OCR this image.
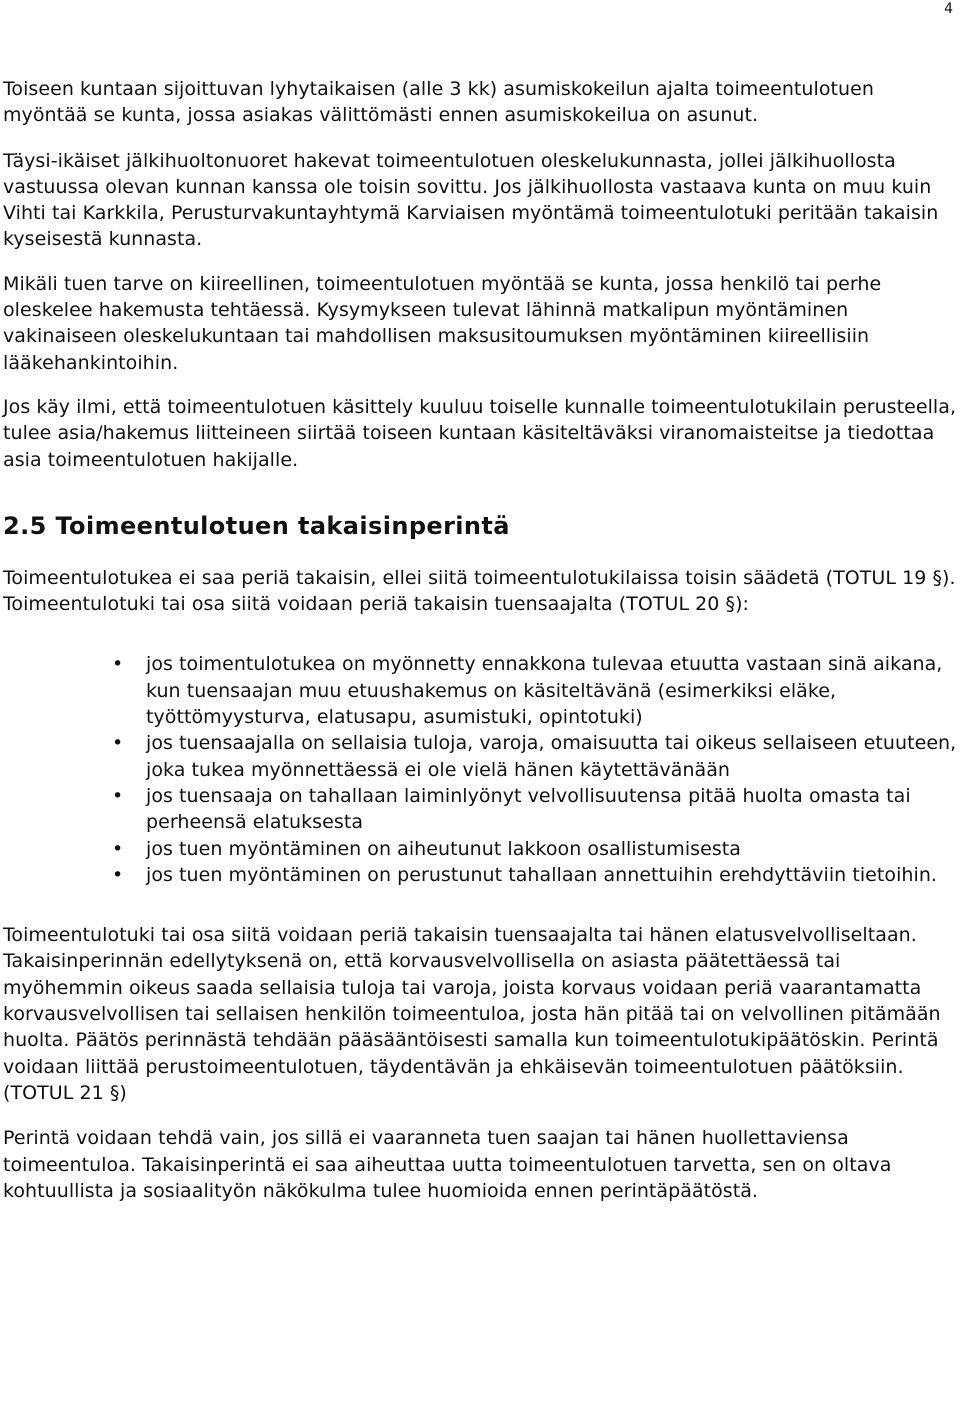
4

Toiseen kuntaan sijoittuvan lyhytaikaisen (alle 3 kk) asumiskokeilun ajalta toimeentulotuen myöntää se kunta, jossa asiakas välittömästi ennen asumiskokeilua on asunut.

Täysi-ikäiset jälkihuoltonuoret hakevat toimeentulotuen oleskelukunnasta, jollei jälkihuollosta vastuussa olevan kunnan kanssa ole toisin sovittu. Jos jälkihuollosta vastaava kunta on muu kuin Vihti tai Karkkila, Perusturvakuntayhtymä Karviaisen myöntämä toimeentulotuki peritään takaisin kyseisestä kunnasta.

Mikäli tuen tarve on kiireellinen, toimeentulotuen myöntää se kunta, jossa henkilö tai perhe oleskelee hakemusta tehtäessä. Kysymykseen tulevat lähinnä matkalipun myöntäminen vakinaiseen oleskelukuntaan tai mahdollisen maksusitoumuksen myöntäminen kiireellisiin lääkehankintoihin.

Jos käy ilmi, että toimeentulotuen käsittely kuuluu toiselle kunnalle toimeentulotukilain perusteella, tulee asia/hakemus liitteineen siirtää toiseen kuntaan käsiteltäväksi viranomaisteitse ja tiedottaa asia toimeentulotuen hakijalle.

2.5 Toimeentulotuen takaisinperintä

Toimeentulotukea ei saa periä takaisin, ellei siitä toimeentulotukilaissa toisin säädetä (TOTUL 19 §). Toimeentulotuki tai osa siitä voidaan periä takaisin tuensaajalta (TOTUL 20 §):

• jos toimentulotukea on myönnetty ennakkona tulevaa etuutta vastaan sinä aikana, kun tuensaajan muu etuushakemus on käsiteltävänä (esimerkiksi eläke, työttömyysturva, elatusapu, asumistuki, opintotuki)
• jos tuensaajalla on sellaisia tuloja, varoja, omaisuutta tai oikeus sellaiseen etuuteen, joka tukea myönnettäessä ei ole vielä hänen käytettävänään
• jos tuensaaja on tahallaan laiminlyönyt velvollisuutensa pitää huolta omasta tai perheensä elatuksesta
• jos tuen myöntäminen on aiheutunut lakkoon osallistumisesta
• jos tuen myöntäminen on perustunut tahallaan annettuihin erehdyttäviin tietoihin.

Toimeentulotuki tai osa siitä voidaan periä takaisin tuensaajalta tai hänen elatusvelvolliseltaan. Takaisinperinnän edellytyksenä on, että korvausvelvollisella on asiasta päätettäessä tai myöhemmin oikeus saada sellaisia tuloja tai varoja, joista korvaus voidaan periä vaarantamatta korvausvelvollisen tai sellaisen henkilön toimeentuloa, josta hän pitää tai on velvollinen pitämään huolta. Päätös perinnästä tehdään pääsääntöisesti samalla kun toimeentulotukipäätöskin. Perintä voidaan liittää perustoimeentulotuen, täydentävän ja ehkäisevän toimeentulotuen päätöksiin. (TOTUL 21 §)

Perintä voidaan tehdä vain, jos sillä ei vaaranneta tuen saajan tai hänen huollettaviensa toimeentuloa. Takaisinperintä ei saa aiheuttaa uutta toimeentulotuen tarvetta, sen on oltava kohtuullista ja sosiaalityön näkökulma tulee huomioida ennen perintäpäätöstä.
